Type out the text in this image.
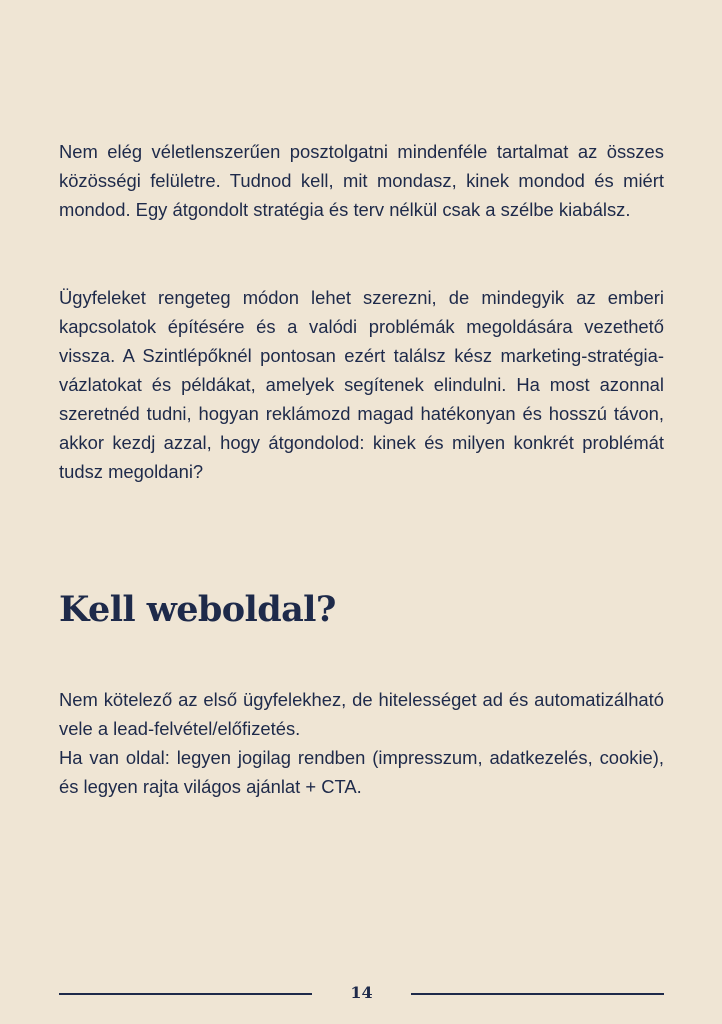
Nem elég véletlenszerűen posztolgatni mindenféle tartalmat az összes közösségi felületre. Tudnod kell, mit mondasz, kinek mondod és miért mondod. Egy átgondolt stratégia és terv nélkül csak a szélbe kiabálsz.

Ügyfeleket rengeteg módon lehet szerezni, de mindegyik az emberi kapcsolatok építésére és a valódi problémák megoldására vezethető vissza. A Szintlépőknél pontosan ezért találsz kész marketing-stratégia-vázlatokat és példákat, amelyek segítenek elindulni. Ha most azonnal szeretnéd tudni, hogyan reklámozd magad hatékonyan és hosszú távon, akkor kezdj azzal, hogy átgondolod: kinek és milyen konkrét problémát tudsz megoldani?

Kell weboldal?
Nem kötelező az első ügyfelekhez, de hitelességet ad és automatizálható vele a lead-felvétel/előfizetés.
Ha van oldal: legyen jogilag rendben (impresszum, adatkezelés, cookie), és legyen rajta világos ajánlat + CTA.
14
